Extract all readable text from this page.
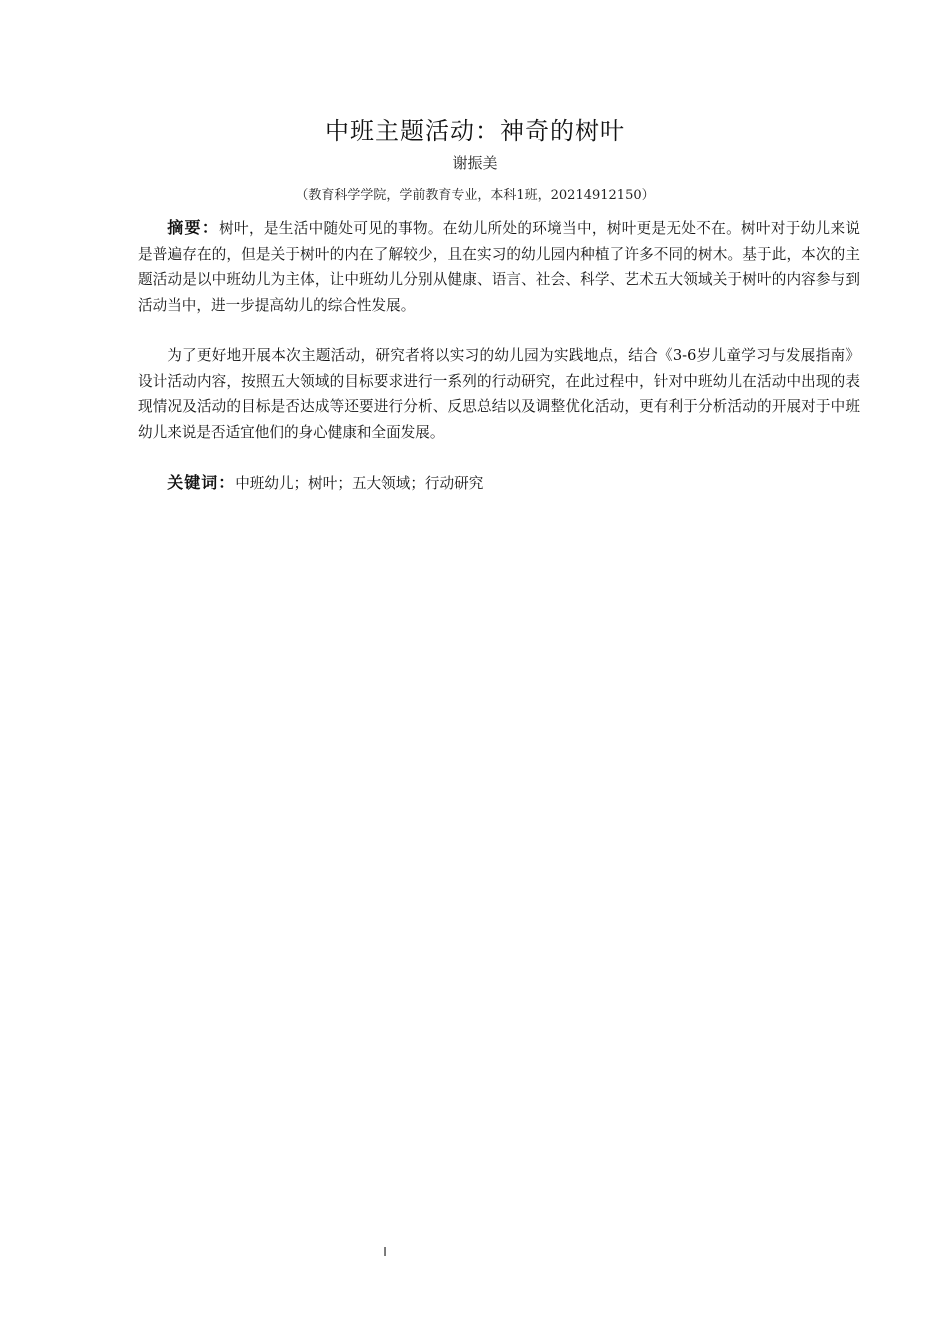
中班主题活动：神奇的树叶
谢振美
（教育科学学院，学前教育专业，本科1班，20214912150）
摘要：树叶，是生活中随处可见的事物。在幼儿所处的环境当中，树叶更是无处不在。树叶对于幼儿来说是普遍存在的，但是关于树叶的内在了解较少，且在实习的幼儿园内种植了许多不同的树木。基于此，本次的主题活动是以中班幼儿为主体，让中班幼儿分别从健康、语言、社会、科学、艺术五大领域关于树叶的内容参与到活动当中，进一步提高幼儿的综合性发展。
为了更好地开展本次主题活动，研究者将以实习的幼儿园为实践地点，结合《3-6岁儿童学习与发展指南》设计活动内容，按照五大领域的目标要求进行一系列的行动研究，在此过程中，针对中班幼儿在活动中出现的表现情况及活动的目标是否达成等还要进行分析、反思总结以及调整优化活动，更有利于分析活动的开展对于中班幼儿来说是否适宜他们的身心健康和全面发展。
关键词：中班幼儿；树叶；五大领域；行动研究
I
